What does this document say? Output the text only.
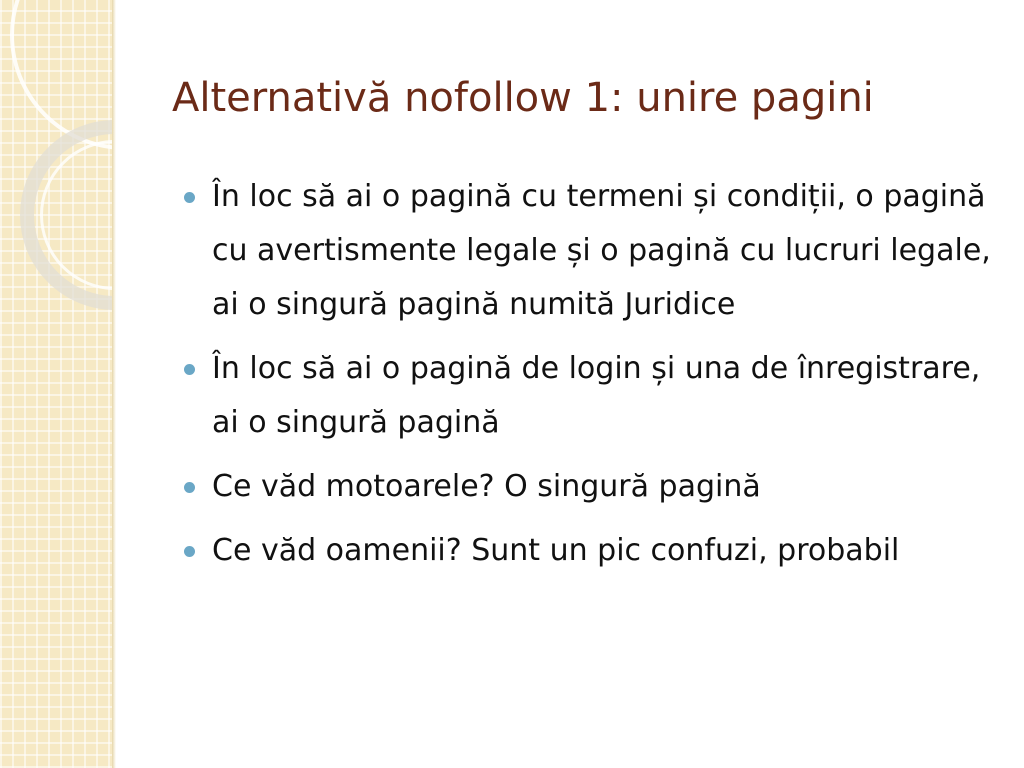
Alternativă nofollow 1: unire pagini
În loc să ai o pagină cu termeni și condiții, o pagină cu avertismente legale și o pagină cu lucruri legale, ai o singură pagină numită Juridice
În loc să ai o pagină de login și una de înregistrare, ai o singură pagină
Ce văd motoarele? O singură pagină
Ce văd oamenii? Sunt un pic confuzi, probabil
